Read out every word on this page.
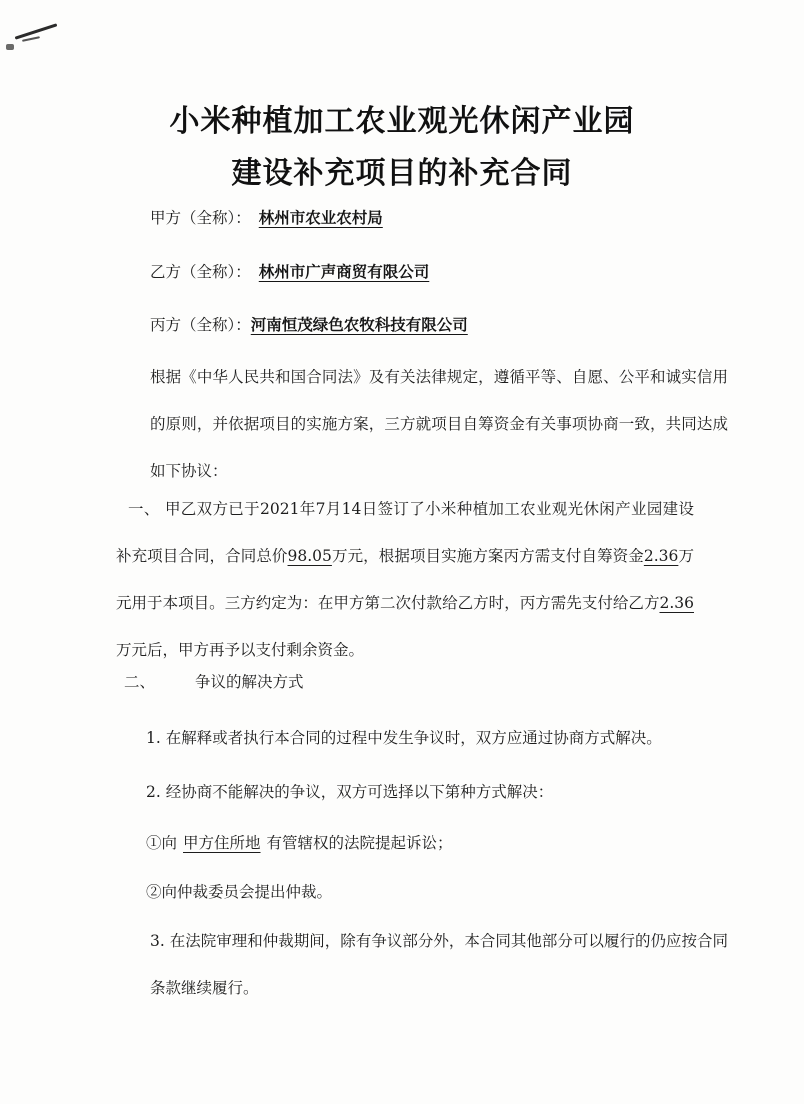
小米种植加工农业观光休闲产业园
建设补充项目的补充合同
甲方（全称）： 林州市农业农村局
乙方（全称）： 林州市广声商贸有限公司
丙方（全称）：河南恒茂绿色农牧科技有限公司
根据《中华人民共和国合同法》及有关法律规定，遵循平等、自愿、公平和诚实信用的原则，并依据项目的实施方案，三方就项目自筹资金有关事项协商一致，共同达成如下协议：
一、 甲乙双方已于2021年7月14日签订了小米种植加工农业观光休闲产业园建设补充项目合同，合同总价98.05万元，根据项目实施方案丙方需支付自筹资金2.36万元用于本项目。三方约定为：在甲方第二次付款给乙方时，丙方需先支付给乙方2.36万元后，甲方再予以支付剩余资金。
二、	争议的解决方式
1. 在解释或者执行本合同的过程中发生争议时，双方应通过协商方式解决。
2. 经协商不能解决的争议，双方可选择以下第种方式解决：
①向 甲方住所地 有管辖权的法院提起诉讼；
②向仲裁委员会提出仲裁。
3. 在法院审理和仲裁期间，除有争议部分外，本合同其他部分可以履行的仍应按合同条款继续履行。
